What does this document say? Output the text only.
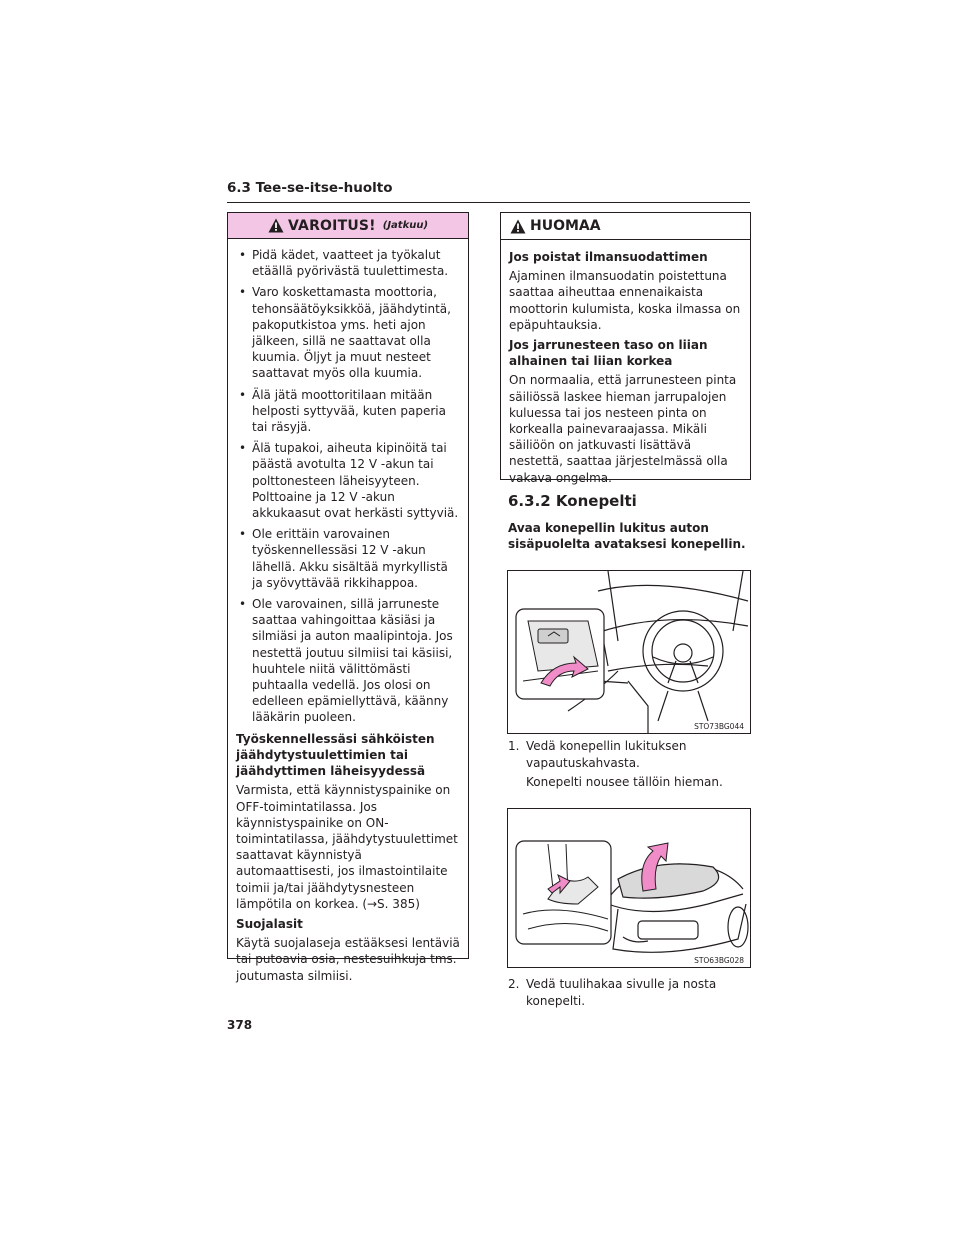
6.3 Tee-se-itse-huolto
VAROITUS! (Jatkuu)
• Pidä kädet, vaatteet ja työkalut etäällä pyörivästä tuulettimesta.
• Varo koskettamasta moottoria, tehonsäätöyksikköä, jäähdytintä, pakoputkistoa yms. heti ajon jälkeen, sillä ne saattavat olla kuumia. Öljyt ja muut nesteet saattavat myös olla kuumia.
• Älä jätä moottoritilaan mitään helposti syttyvää, kuten paperia tai räsyjä.
• Älä tupakoi, aiheuta kipinöitä tai päästä avotulta 12 V -akun tai polttonesteen läheisyyteen. Polttoaine ja 12 V -akun akkukaasut ovat herkästi syttyviä.
• Ole erittäin varovainen työskennellessäsi 12 V -akun lähellä. Akku sisältää myrkyllistä ja syövyttävää rikkihappoa.
• Ole varovainen, sillä jarruneste saattaa vahingoittaa käsiäsi ja silmiäsi ja auton maalipintoja. Jos nestettä joutuu silmiisi tai käsiisi, huuhtele niitä välittömästi puhtaalla vedellä. Jos olosi on edelleen epämiellyttävä, käänny lääkärin puoleen.
Työskennellessäsi sähköisten jäähdytystuulettimien tai jäähdyttimen läheisyydessä
Varmista, että käynnistyspainike on OFF-toimintatilassa. Jos käynnistyspainike on ON-toimintatilassa, jäähdytystuulettimet saattavat käynnistyä automaattisesti, jos ilmastointilaite toimii ja/tai jäähdytysnesteen lämpötila on korkea. (→S. 385)
Suojalasit
Käytä suojalaseja estääksesi lentäviä tai putoavia osia, nestesuihkuja tms. joutumasta silmiisi.
HUOMAA
Jos poistat ilmansuodattimen
Ajaminen ilmansuodatin poistettuna saattaa aiheuttaa ennenaikaista moottorin kulumista, koska ilmassa on epäpuhtauksia.
Jos jarrunesteen taso on liian alhainen tai liian korkea
On normaalia, että jarrunesteen pinta säiliössä laskee hieman jarrupalojen kuluessa tai jos nesteen pinta on korkealla painevaraajassa. Mikäli säiliöön on jatkuvasti lisättävä nestettä, saattaa järjestelmässä olla vakava ongelma.
6.3.2 Konepelti
Avaa konepellin lukitus auton sisäpuolelta avataksesi konepellin.
STO73BG044
1. Vedä konepellin lukituksen vapautuskahvasta.
Konepelti nousee tällöin hieman.
STO63BG028
2. Vedä tuulihakaa sivulle ja nosta konepelti.
378
